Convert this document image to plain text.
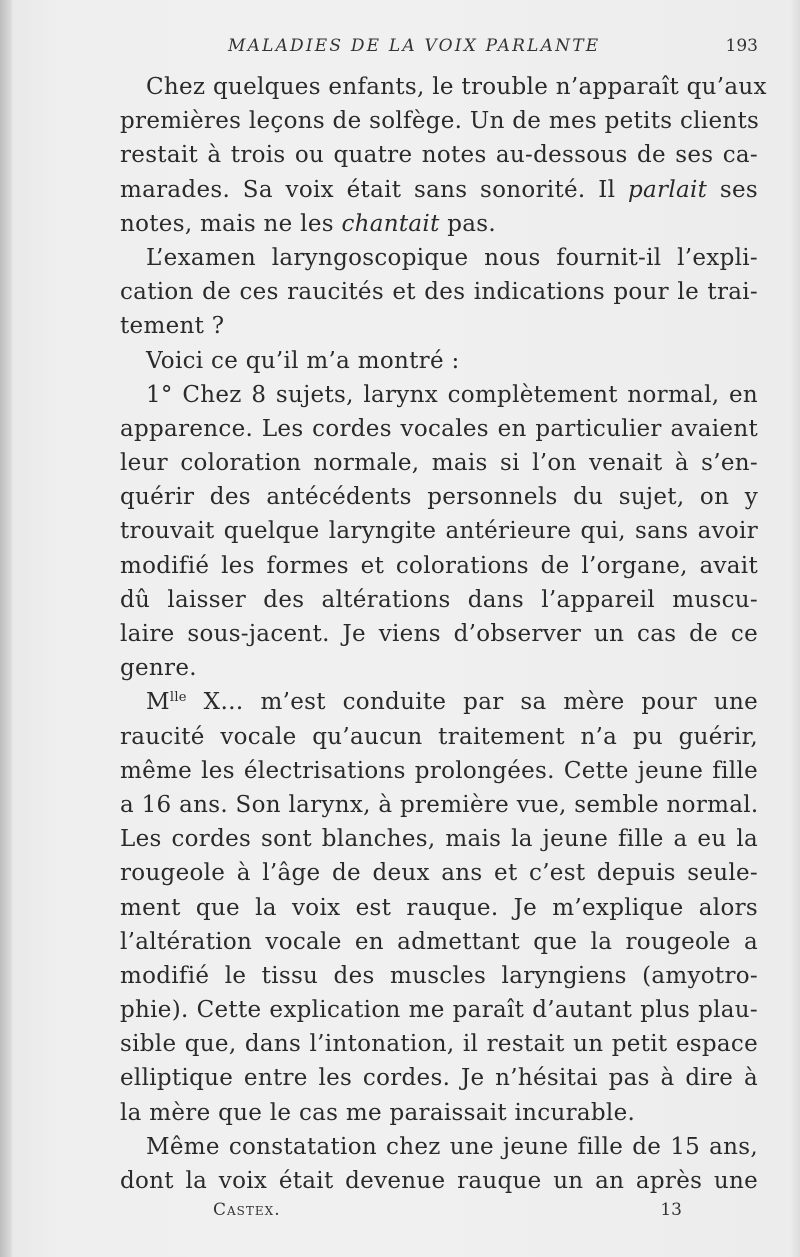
MALADIES DE LA VOIX PARLANTE	193
Chez quelques enfants, le trouble n’apparaît qu’aux
premières leçons de solfège. Un de mes petits clients
restait à trois ou quatre notes au-dessous de ses ca-
marades. Sa voix était sans sonorité. Il parlait ses
notes, mais ne les chantait pas.
L’examen laryngoscopique nous fournit-il l’expli-
cation de ces raucités et des indications pour le trai-
tement ?
Voici ce qu’il m’a montré :
1° Chez 8 sujets, larynx complètement normal, en
apparence. Les cordes vocales en particulier avaient
leur coloration normale, mais si l’on venait à s’en-
quérir des antécédents personnels du sujet, on y
trouvait quelque laryngite antérieure qui, sans avoir
modifié les formes et colorations de l’organe, avait
dû laisser des altérations dans l’appareil muscu-
laire sous-jacent. Je viens d’observer un cas de ce
genre.
$M^{lle}$ X… m’est conduite par sa mère pour une
raucité vocale qu’aucun traitement n’a pu guérir,
même les électrisations prolongées. Cette jeune fille
a 16 ans. Son larynx, à première vue, semble normal.
Les cordes sont blanches, mais la jeune fille a eu la
rougeole à l’âge de deux ans et c’est depuis seule-
ment que la voix est rauque. Je m’explique alors
l’altération vocale en admettant que la rougeole a
modifié le tissu des muscles laryngiens (amyotro-
phie). Cette explication me paraît d’autant plus plau-
sible que, dans l’intonation, il restait un petit espace
elliptique entre les cordes. Je n’hésitai pas à dire à
la mère que le cas me paraissait incurable.
Même constatation chez une jeune fille de 15 ans,
dont la voix était devenue rauque un an après une
Castex.	13
